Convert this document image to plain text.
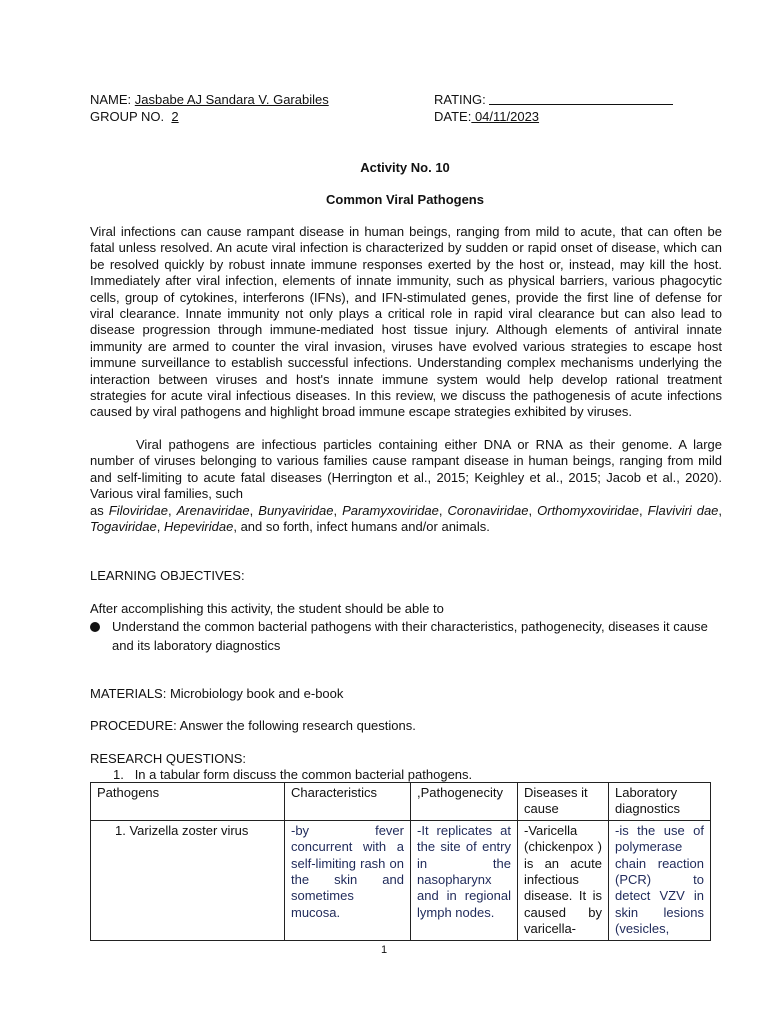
NAME: Jasbabe AJ Sandara V. Garabiles	RATING:
GROUP NO. 2	DATE: 04/11/2023
Activity No. 10
Common Viral Pathogens
Viral infections can cause rampant disease in human beings, ranging from mild to acute, that can often be fatal unless resolved. An acute viral infection is characterized by sudden or rapid onset of disease, which can be resolved quickly by robust innate immune responses exerted by the host or, instead, may kill the host. Immediately after viral infection, elements of innate immunity, such as physical barriers, various phagocytic cells, group of cytokines, interferons (IFNs), and IFN-stimulated genes, provide the first line of defense for viral clearance. Innate immunity not only plays a critical role in rapid viral clearance but can also lead to disease progression through immune-mediated host tissue injury. Although elements of antiviral innate immunity are armed to counter the viral invasion, viruses have evolved various strategies to escape host immune surveillance to establish successful infections. Understanding complex mechanisms underlying the interaction between viruses and host's innate immune system would help develop rational treatment strategies for acute viral infectious diseases. In this review, we discuss the pathogenesis of acute infections caused by viral pathogens and highlight broad immune escape strategies exhibited by viruses.
Viral pathogens are infectious particles containing either DNA or RNA as their genome. A large number of viruses belonging to various families cause rampant disease in human beings, ranging from mild and self-limiting to acute fatal diseases (Herrington et al., 2015; Keighley et al., 2015; Jacob et al., 2020). Various viral families, such
as Filoviridae, Arenaviridae, Bunyaviridae, Paramyxoviridae, Coronaviridae, Orthomyxoviridae, Flaviviri dae, Togaviridae, Hepeviridae, and so forth, infect humans and/or animals.
LEARNING OBJECTIVES:
After accomplishing this activity, the student should be able to
Understand the common bacterial pathogens with their characteristics, pathogenecity, diseases it cause and its laboratory diagnostics
MATERIALS: Microbiology book and e-book
PROCEDURE: Answer the following research questions.
RESEARCH QUESTIONS:
1. In a tabular form discuss the common bacterial pathogens.
Pathogens	Characteristics	,Pathogenecity	Diseases it cause	Laboratory diagnostics
1. Varizella zoster virus	-by fever concurrent with a self-limiting rash on the skin and sometimes mucosa.	-It replicates at the site of entry in the nasopharynx and in regional lymph nodes.	-Varicella (chickenpox ) is an acute infectious disease. It is caused by varicella-	-is the use of polymerase chain reaction (PCR) to detect VZV in skin lesions (vesicles,
1
